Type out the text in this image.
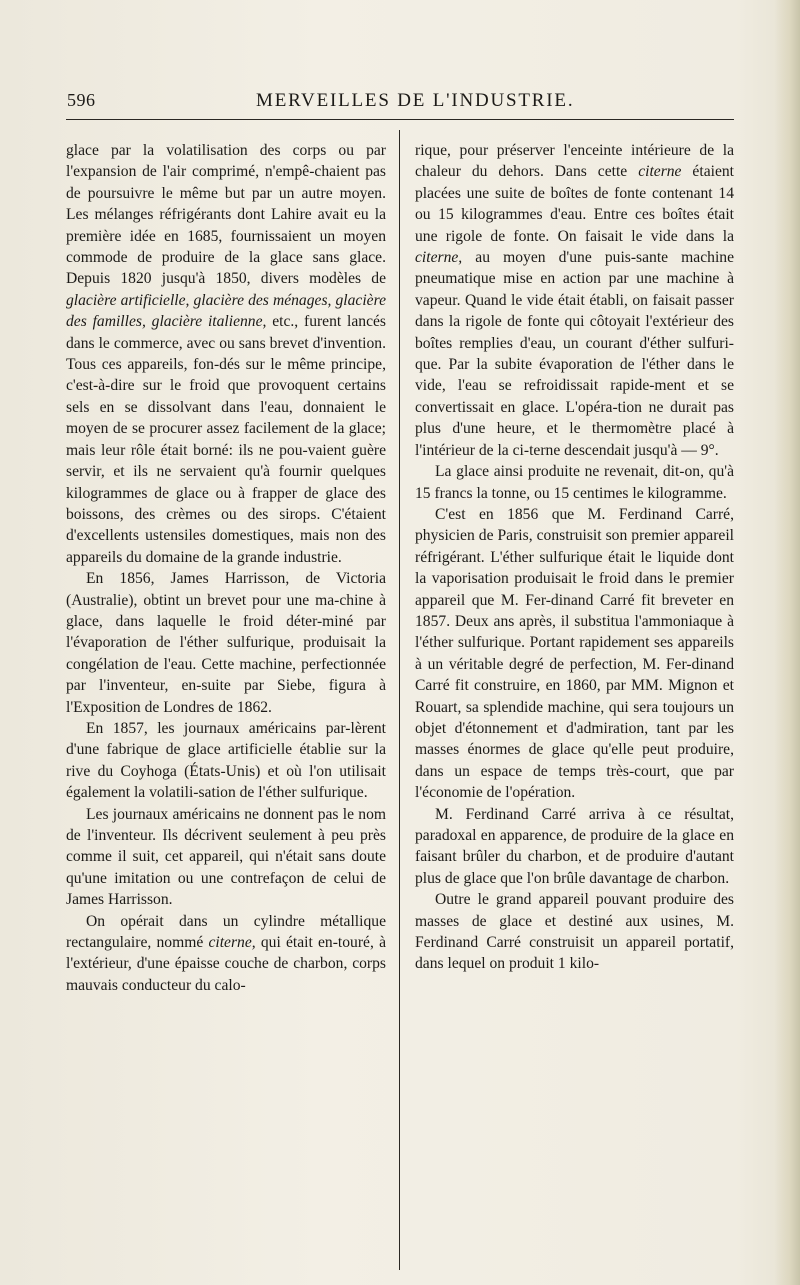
596	MERVEILLES DE L'INDUSTRIE.

glace par la volatilisation des corps ou par l'expansion de l'air comprimé, n'empê-chaient pas de poursuivre le même but par un autre moyen. Les mélanges réfrigérants dont Lahire avait eu la première idée en 1685, fournissaient un moyen commode de produire de la glace sans glace. Depuis 1820 jusqu'à 1850, divers modèles de glacière artificielle, glacière des ménages, glacière des familles, glacière italienne, etc., furent lancés dans le commerce, avec ou sans brevet d'invention. Tous ces appareils, fon-dés sur le même principe, c'est-à-dire sur le froid que provoquent certains sels en se dissolvant dans l'eau, donnaient le moyen de se procurer assez facilement de la glace; mais leur rôle était borné: ils ne pou-vaient guère servir, et ils ne servaient qu'à fournir quelques kilogrammes de glace ou à frapper de glace des boissons, des crèmes ou des sirops. C'étaient d'excellents ustensiles domestiques, mais non des appareils du domaine de la grande industrie.

En 1856, James Harrisson, de Victoria (Australie), obtint un brevet pour une ma-chine à glace, dans laquelle le froid déter-miné par l'évaporation de l'éther sulfurique, produisait la congélation de l'eau. Cette machine, perfectionnée par l'inventeur, en-suite par Siebe, figura à l'Exposition de Londres de 1862.

En 1857, les journaux américains par-lèrent d'une fabrique de glace artificielle établie sur la rive du Coyhoga (États-Unis) et où l'on utilisait également la volatili-sation de l'éther sulfurique.

Les journaux américains ne donnent pas le nom de l'inventeur. Ils décrivent seulement à peu près comme il suit, cet appareil, qui n'était sans doute qu'une imitation ou une contrefaçon de celui de James Harrisson.

On opérait dans un cylindre métallique rectangulaire, nommé citerne, qui était en-touré, à l'extérieur, d'une épaisse couche de charbon, corps mauvais conducteur du calo-

rique, pour préserver l'enceinte intérieure de la chaleur du dehors. Dans cette citerne étaient placées une suite de boîtes de fonte contenant 14 ou 15 kilogrammes d'eau. Entre ces boîtes était une rigole de fonte. On faisait le vide dans la citerne, au moyen d'une puis-sante machine pneumatique mise en action par une machine à vapeur. Quand le vide était établi, on faisait passer dans la rigole de fonte qui côtoyait l'extérieur des boîtes remplies d'eau, un courant d'éther sulfuri-que. Par la subite évaporation de l'éther dans le vide, l'eau se refroidissait rapide-ment et se convertissait en glace. L'opéra-tion ne durait pas plus d'une heure, et le thermomètre placé à l'intérieur de la ci-terne descendait jusqu'à — 9°.

La glace ainsi produite ne revenait, dit-on, qu'à 15 francs la tonne, ou 15 centimes le kilogramme.

C'est en 1856 que M. Ferdinand Carré, physicien de Paris, construisit son premier appareil réfrigérant. L'éther sulfurique était le liquide dont la vaporisation produisait le froid dans le premier appareil que M. Fer-dinand Carré fit breveter en 1857. Deux ans après, il substitua l'ammoniaque à l'éther sulfurique. Portant rapidement ses appareils à un véritable degré de perfection, M. Fer-dinand Carré fit construire, en 1860, par MM. Mignon et Rouart, sa splendide machine, qui sera toujours un objet d'étonnement et d'admiration, tant par les masses énormes de glace qu'elle peut produire, dans un espace de temps très-court, que par l'économie de l'opération.

M. Ferdinand Carré arriva à ce résultat, paradoxal en apparence, de produire de la glace en faisant brûler du charbon, et de produire d'autant plus de glace que l'on brûle davantage de charbon.

Outre le grand appareil pouvant produire des masses de glace et destiné aux usines, M. Ferdinand Carré construisit un appareil portatif, dans lequel on produit 1 kilo-
